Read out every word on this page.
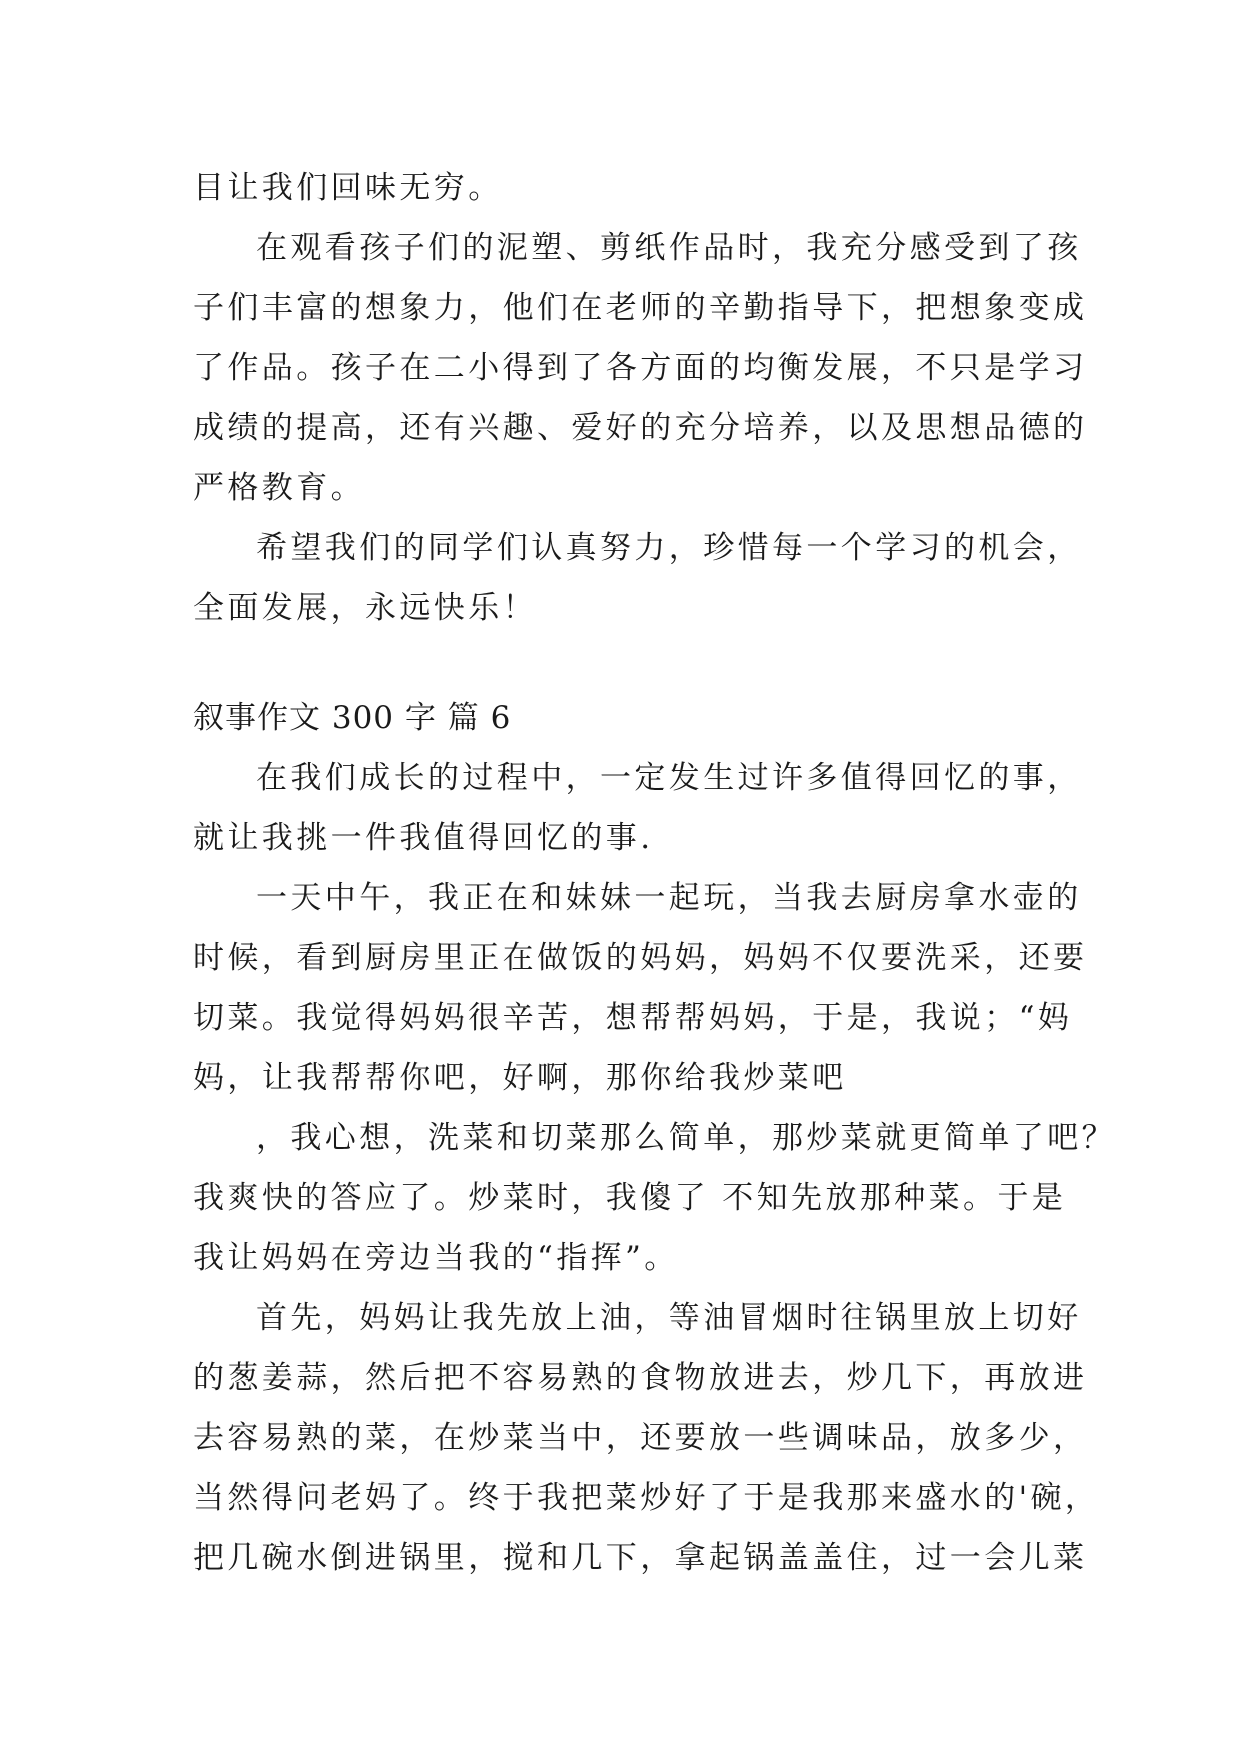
目让我们回味无穷。
在观看孩子们的泥塑、剪纸作品时，我充分感受到了孩
子们丰富的想象力，他们在老师的辛勤指导下，把想象变成
了作品。孩子在二小得到了各方面的均衡发展，不只是学习
成绩的提高，还有兴趣、爱好的充分培养，以及思想品德的
严格教育。
希望我们的同学们认真努力，珍惜每一个学习的机会，
全面发展，永远快乐！
叙事作文 300 字 篇 6
在我们成长的过程中，一定发生过许多值得回忆的事，
就让我挑一件我值得回忆的事.
一天中午，我正在和妹妹一起玩，当我去厨房拿水壶的
时候，看到厨房里正在做饭的妈妈，妈妈不仅要洗采，还要
切菜。我觉得妈妈很辛苦，想帮帮妈妈，于是，我说；“妈
妈，让我帮帮你吧，好啊，那你给我炒菜吧
，我心想，洗菜和切菜那么简单，那炒菜就更简单了吧？
我爽快的答应了。炒菜时，我傻了 不知先放那种菜。于是
我让妈妈在旁边当我的“指挥”。
首先，妈妈让我先放上油，等油冒烟时往锅里放上切好
的葱姜蒜，然后把不容易熟的食物放进去，炒几下，再放进
去容易熟的菜，在炒菜当中，还要放一些调味品，放多少，
当然得问老妈了。终于我把菜炒好了于是我那来盛水的'碗，
把几碗水倒进锅里，搅和几下，拿起锅盖盖住，过一会儿菜
